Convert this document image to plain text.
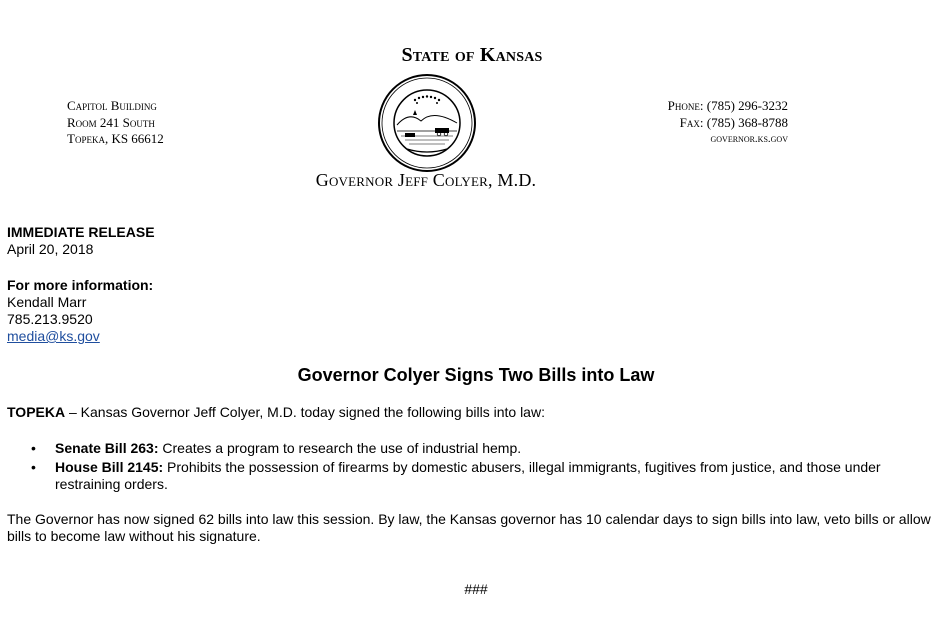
State of Kansas
Governor Jeff Colyer, M.D.
Capitol Building
Room 241 South
Topeka, KS 66612
Phone: (785) 296-3232
Fax: (785) 368-8788
governor.ks.gov
IMMEDIATE RELEASE
April 20, 2018
For more information:
Kendall Marr
785.213.9520
media@ks.gov
Governor Colyer Signs Two Bills into Law
TOPEKA – Kansas Governor Jeff Colyer, M.D. today signed the following bills into law:
• Senate Bill 263: Creates a program to research the use of industrial hemp.
• House Bill 2145: Prohibits the possession of firearms by domestic abusers, illegal immigrants, fugitives from justice, and those under restraining orders.
The Governor has now signed 62 bills into law this session. By law, the Kansas governor has 10 calendar days to sign bills into law, veto bills or allow bills to become law without his signature.
###
